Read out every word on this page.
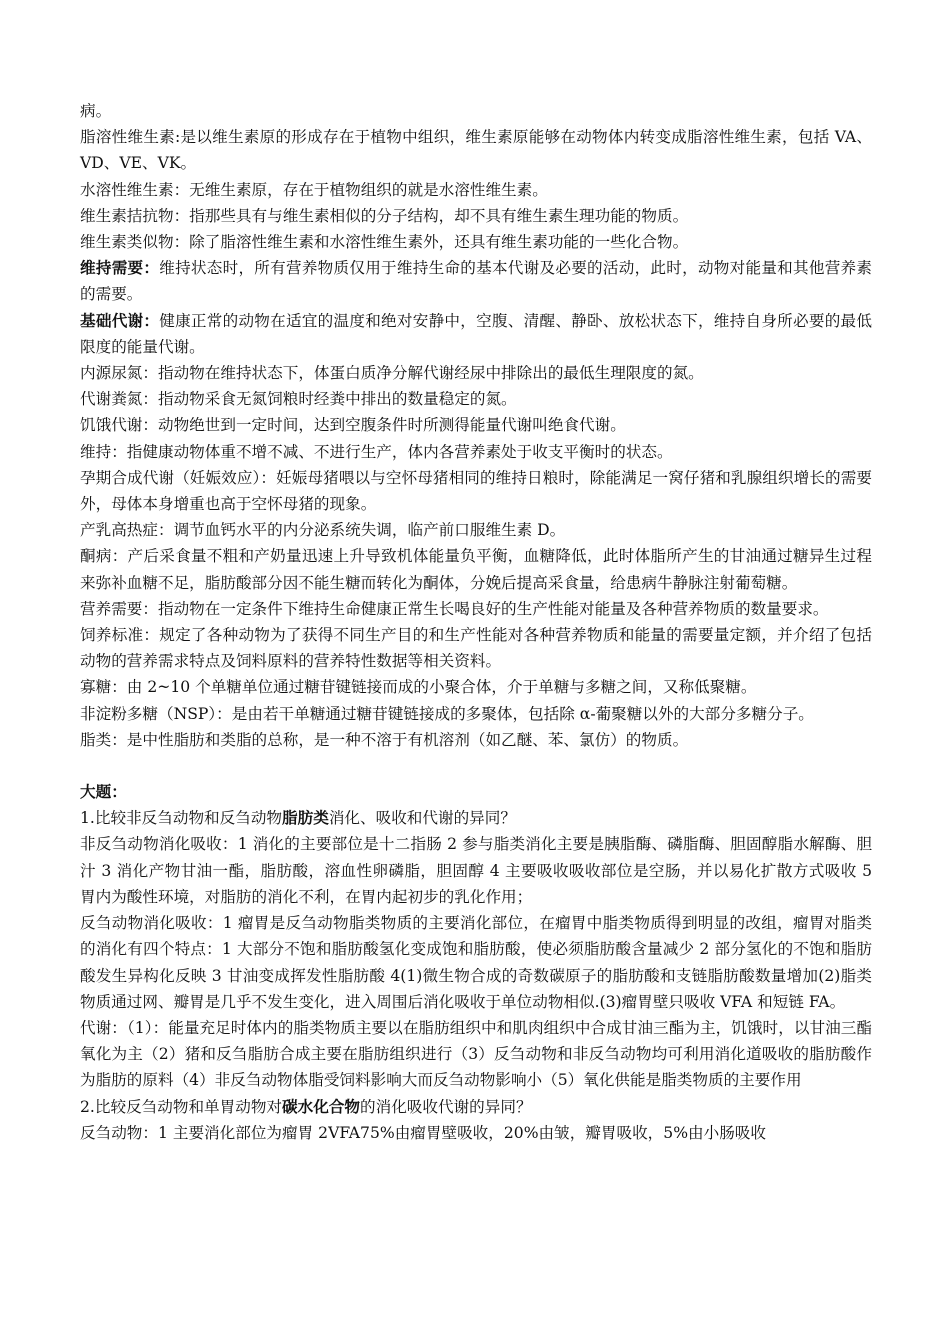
病。

脂溶性维生素:是以维生素原的形成存在于植物中组织，维生素原能够在动物体内转变成脂溶性维生素，包括 VA、VD、VE、VK。

水溶性维生素：无维生素原，存在于植物组织的就是水溶性维生素。

维生素拮抗物：指那些具有与维生素相似的分子结构，却不具有维生素生理功能的物质。

维生素类似物：除了脂溶性维生素和水溶性维生素外，还具有维生素功能的一些化合物。

维持需要：维持状态时，所有营养物质仅用于维持生命的基本代谢及必要的活动，此时，动物对能量和其他营养素的需要。

基础代谢：健康正常的动物在适宜的温度和绝对安静中，空腹、清醒、静卧、放松状态下，维持自身所必要的最低限度的能量代谢。

内源尿氮：指动物在维持状态下，体蛋白质净分解代谢经尿中排除出的最低生理限度的氮。

代谢粪氮：指动物采食无氮饲粮时经粪中排出的数量稳定的氮。

饥饿代谢：动物绝世到一定时间，达到空腹条件时所测得能量代谢叫绝食代谢。

维持：指健康动物体重不增不减、不进行生产，体内各营养素处于收支平衡时的状态。

孕期合成代谢（妊娠效应）：妊娠母猪喂以与空怀母猪相同的维持日粮时，除能满足一窝仔猪和乳腺组织增长的需要外，母体本身增重也高于空怀母猪的现象。

产乳高热症：调节血钙水平的内分泌系统失调，临产前口服维生素 D。

酮病：产后采食量不粗和产奶量迅速上升导致机体能量负平衡，血糖降低，此时体脂所产生的甘油通过糖异生过程来弥补血糖不足，脂肪酸部分因不能生糖而转化为酮体，分娩后提高采食量，给患病牛静脉注射葡萄糖。

营养需要：指动物在一定条件下维持生命健康正常生长喝良好的生产性能对能量及各种营养物质的数量要求。

饲养标准：规定了各种动物为了获得不同生产目的和生产性能对各种营养物质和能量的需要量定额，并介绍了包括动物的营养需求特点及饲料原料的营养特性数据等相关资料。

寡糖：由 2~10 个单糖单位通过糖苷键链接而成的小聚合体，介于单糖与多糖之间，又称低聚糖。

非淀粉多糖（NSP）：是由若干单糖通过糖苷键链接成的多聚体，包括除 α-葡聚糖以外的大部分多糖分子。

脂类：是中性脂肪和类脂的总称，是一种不溶于有机溶剂（如乙醚、苯、氯仿）的物质。

大题：

1.比较非反刍动物和反刍动物脂肪类消化、吸收和代谢的异同？

非反刍动物消化吸收：1 消化的主要部位是十二指肠 2 参与脂类消化主要是胰脂酶、磷脂酶、胆固醇脂水解酶、胆汁 3 消化产物甘油一酯，脂肪酸，溶血性卵磷脂，胆固醇 4 主要吸收吸收部位是空肠，并以易化扩散方式吸收 5 胃内为酸性环境，对脂肪的消化不利，在胃内起初步的乳化作用；

反刍动物消化吸收：1 瘤胃是反刍动物脂类物质的主要消化部位，在瘤胃中脂类物质得到明显的改组，瘤胃对脂类的消化有四个特点：1 大部分不饱和脂肪酸氢化变成饱和脂肪酸，使必须脂肪酸含量减少 2 部分氢化的不饱和脂肪酸发生异构化反映 3 甘油变成挥发性脂肪酸 4(1)微生物合成的奇数碳原子的脂肪酸和支链脂肪酸数量增加(2)脂类物质通过网、瓣胃是几乎不发生变化，进入周围后消化吸收于单位动物相似.(3)瘤胃壁只吸收 VFA 和短链 FA。

代谢：（1）：能量充足时体内的脂类物质主要以在脂肪组织中和肌肉组织中合成甘油三酯为主，饥饿时，以甘油三酯氧化为主（2）猪和反刍脂肪合成主要在脂肪组织进行（3）反刍动物和非反刍动物均可利用消化道吸收的脂肪酸作为脂肪的原料（4）非反刍动物体脂受饲料影响大而反刍动物影响小（5）氧化供能是脂类物质的主要作用

2.比较反刍动物和单胃动物对碳水化合物的消化吸收代谢的异同？

反刍动物：1 主要消化部位为瘤胃 2VFA75%由瘤胃壁吸收，20%由皱，瓣胃吸收，5%由小肠吸收
